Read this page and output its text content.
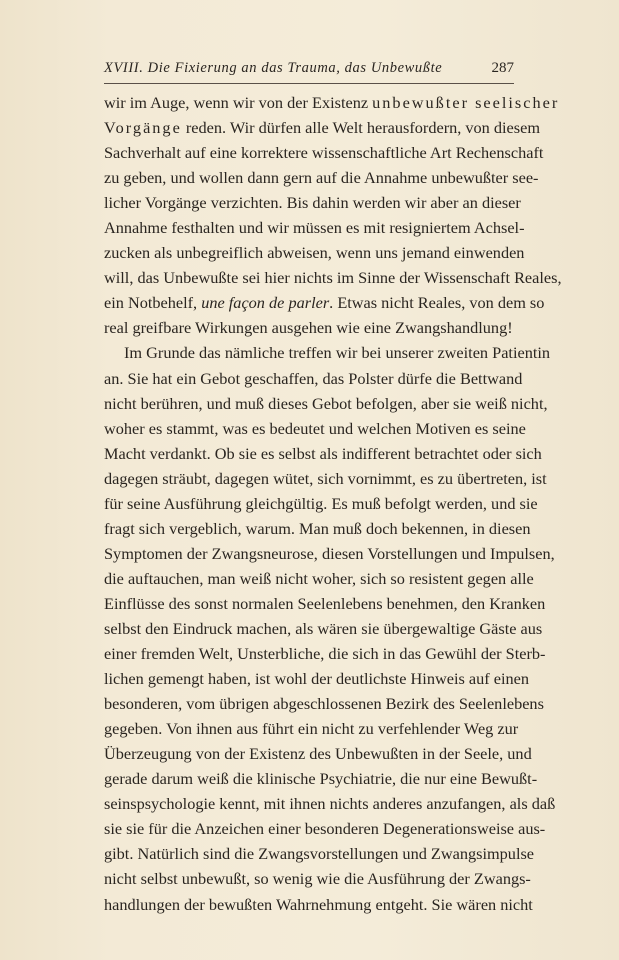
XVIII. Die Fixierung an das Trauma, das Unbewußte	287
wir im Auge, wenn wir von der Existenz unbewußter seelischer
Vorgänge reden. Wir dürfen alle Welt herausfordern, von diesem
Sachverhalt auf eine korrektere wissenschaftliche Art Rechenschaft
zu geben, und wollen dann gern auf die Annahme unbewußter see-
licher Vorgänge verzichten. Bis dahin werden wir aber an dieser
Annahme festhalten und wir müssen es mit resigniertem Achsel-
zucken als unbegreiflich abweisen, wenn uns jemand einwenden
will, das Unbewußte sei hier nichts im Sinne der Wissenschaft Reales,
ein Notbehelf, une façon de parler. Etwas nicht Reales, von dem so
real greifbare Wirkungen ausgehen wie eine Zwangshandlung!
Im Grunde das nämliche treffen wir bei unserer zweiten Patientin
an. Sie hat ein Gebot geschaffen, das Polster dürfe die Bettwand
nicht berühren, und muß dieses Gebot befolgen, aber sie weiß nicht,
woher es stammt, was es bedeutet und welchen Motiven es seine
Macht verdankt. Ob sie es selbst als indifferent betrachtet oder sich
dagegen sträubt, dagegen wütet, sich vornimmt, es zu übertreten, ist
für seine Ausführung gleichgültig. Es muß befolgt werden, und sie
fragt sich vergeblich, warum. Man muß doch bekennen, in diesen
Symptomen der Zwangsneurose, diesen Vorstellungen und Impulsen,
die auftauchen, man weiß nicht woher, sich so resistent gegen alle
Einflüsse des sonst normalen Seelenlebens benehmen, den Kranken
selbst den Eindruck machen, als wären sie übergewaltige Gäste aus
einer fremden Welt, Unsterbliche, die sich in das Gewühl der Sterb-
lichen gemengt haben, ist wohl der deutlichste Hinweis auf einen
besonderen, vom übrigen abgeschlossenen Bezirk des Seelenlebens
gegeben. Von ihnen aus führt ein nicht zu verfehlender Weg zur
Überzeugung von der Existenz des Unbewußten in der Seele, und
gerade darum weiß die klinische Psychiatrie, die nur eine Bewußt-
seinspsychologie kennt, mit ihnen nichts anderes anzufangen, als daß
sie sie für die Anzeichen einer besonderen Degenerationsweise aus-
gibt. Natürlich sind die Zwangsvorstellungen und Zwangsimpulse
nicht selbst unbewußt, so wenig wie die Ausführung der Zwangs-
handlungen der bewußten Wahrnehmung entgeht. Sie wären nicht
